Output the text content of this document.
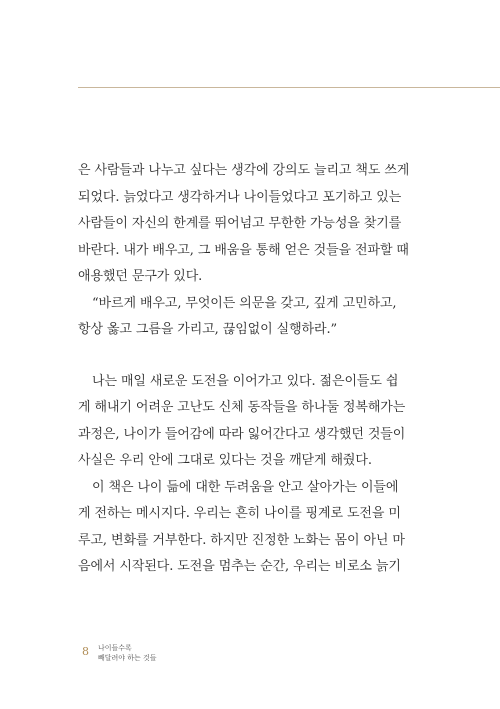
은 사람들과 나누고 싶다는 생각에 강의도 늘리고 책도 쓰게
되었다. 늙었다고 생각하거나 나이들었다고 포기하고 있는
사람들이 자신의 한계를 뛰어넘고 무한한 가능성을 찾기를
바란다. 내가 배우고, 그 배움을 통해 얻은 것들을 전파할 때
애용했던 문구가 있다.
“바르게 배우고, 무엇이든 의문을 갖고, 깊게 고민하고,
항상 옳고 그름을 가리고, 끊임없이 실행하라.”
나는 매일 새로운 도전을 이어가고 있다. 젊은이들도 쉽
게 해내기 어려운 고난도 신체 동작들을 하나둘 정복해가는
과정은, 나이가 들어감에 따라 잃어간다고 생각했던 것들이
사실은 우리 안에 그대로 있다는 것을 깨닫게 해줬다.
이 책은 나이 듦에 대한 두려움을 안고 살아가는 이들에
게 전하는 메시지다. 우리는 흔히 나이를 핑계로 도전을 미
루고, 변화를 거부한다. 하지만 진정한 노화는 몸이 아닌 마
음에서 시작된다. 도전을 멈추는 순간, 우리는 비로소 늙기
8 나이들수록
빼달려야 하는 것들
